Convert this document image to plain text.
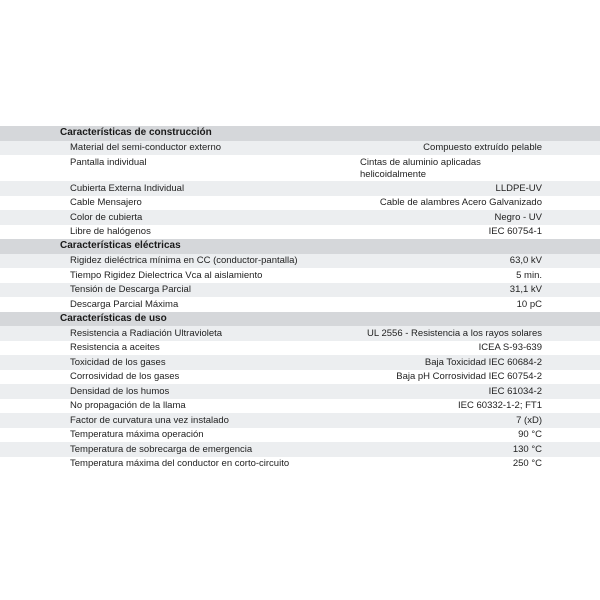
Características de construcción
Material del semi-conductor externo	Compuesto extruído pelable
Pantalla individual	Cintas de aluminio aplicadas helicoidalmente
Cubierta Externa Individual	LLDPE-UV
Cable Mensajero	Cable de alambres Acero Galvanizado
Color de cubierta	Negro - UV
Libre de halógenos	IEC 60754-1
Características eléctricas
Rigidez dieléctrica mínima en CC (conductor-pantalla)	63,0 kV
Tiempo Rigidez Dielectrica Vca al aislamiento	5 min.
Tensión de Descarga Parcial	31,1 kV
Descarga Parcial Máxima	10 pC
Características de uso
Resistencia a Radiación Ultravioleta	UL 2556 - Resistencia a los rayos solares
Resistencia a aceites	ICEA S-93-639
Toxicidad de los gases	Baja Toxicidad IEC 60684-2
Corrosividad de los gases	Baja pH Corrosividad IEC 60754-2
Densidad de los humos	IEC 61034-2
No propagación de la llama	IEC 60332-1-2; FT1
Factor de curvatura una vez instalado	7 (xD)
Temperatura máxima operación	90 °C
Temperatura de sobrecarga de emergencia	130 °C
Temperatura máxima del conductor en corto-circuito	250 °C
